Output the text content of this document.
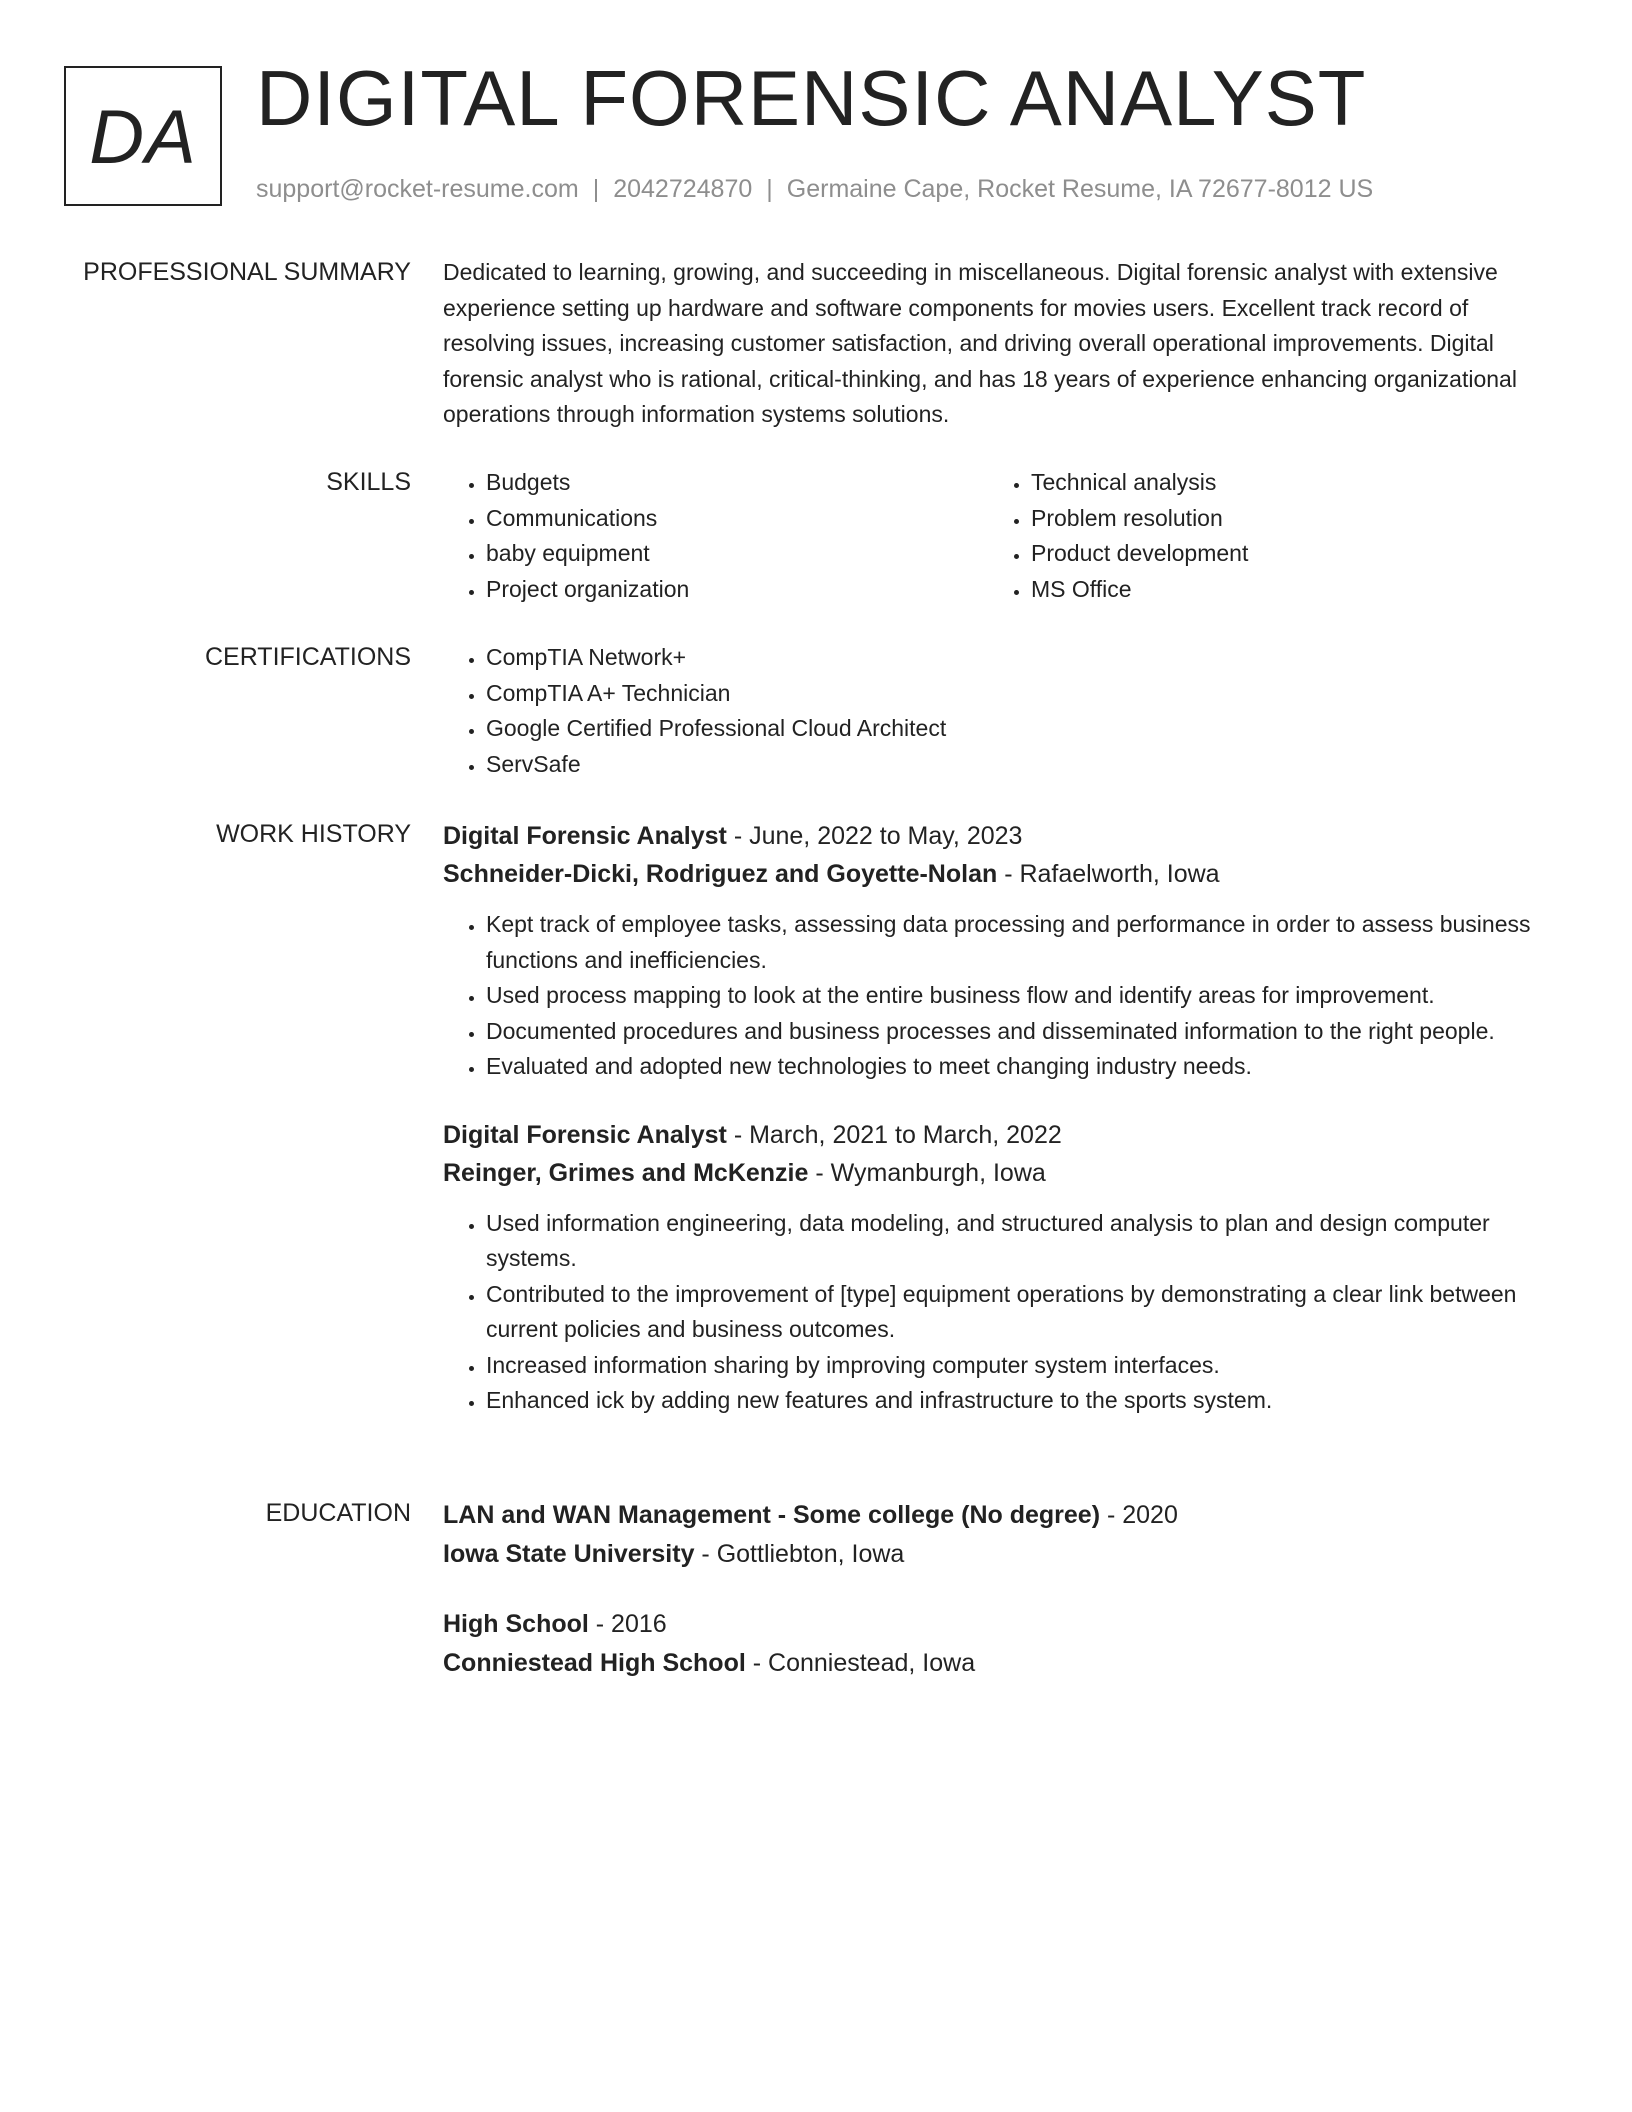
DA DIGITAL FORENSIC ANALYST
support@rocket-resume.com | 2042724870 | Germaine Cape, Rocket Resume, IA 72677-8012 US
PROFESSIONAL SUMMARY Dedicated to learning, growing, and succeeding in miscellaneous. Digital forensic analyst with extensive experience setting up hardware and software components for movies users. Excellent track record of resolving issues, increasing customer satisfaction, and driving overall operational improvements. Digital forensic analyst who is rational, critical-thinking, and has 18 years of experience enhancing organizational operations through information systems solutions.

SKILLS	• Budgets
• Communications
• baby equipment
• Project organization
• Technical analysis
• Problem resolution
• Product development
• MS Office
CERTIFICATIONS	• CompTIA Network+
• CompTIA A+ Technician
• Google Certified Professional Cloud Architect
• ServSafe
WORK HISTORY Digital Forensic Analyst - June, 2022 to May, 2023
Schneider-Dicki, Rodriguez and Goyette-Nolan - Rafaelworth, Iowa
• Kept track of employee tasks, assessing data processing and performance in order to assess business functions and inefficiencies.
• Used process mapping to look at the entire business flow and identify areas for improvement.
• Documented procedures and business processes and disseminated information to the right people.
• Evaluated and adopted new technologies to meet changing industry needs.
Digital Forensic Analyst - March, 2021 to March, 2022
Reinger, Grimes and McKenzie - Wymanburgh, Iowa
• Used information engineering, data modeling, and structured analysis to plan and design computer systems.
• Contributed to the improvement of [type] equipment operations by demonstrating a clear link between current policies and business outcomes.
• Increased information sharing by improving computer system interfaces.
• Enhanced ick by adding new features and infrastructure to the sports system.
EDUCATION LAN and WAN Management - Some college (No degree) - 2020
Iowa State University - Gottliebton, Iowa
High School - 2016
Conniestead High School - Conniestead, Iowa
